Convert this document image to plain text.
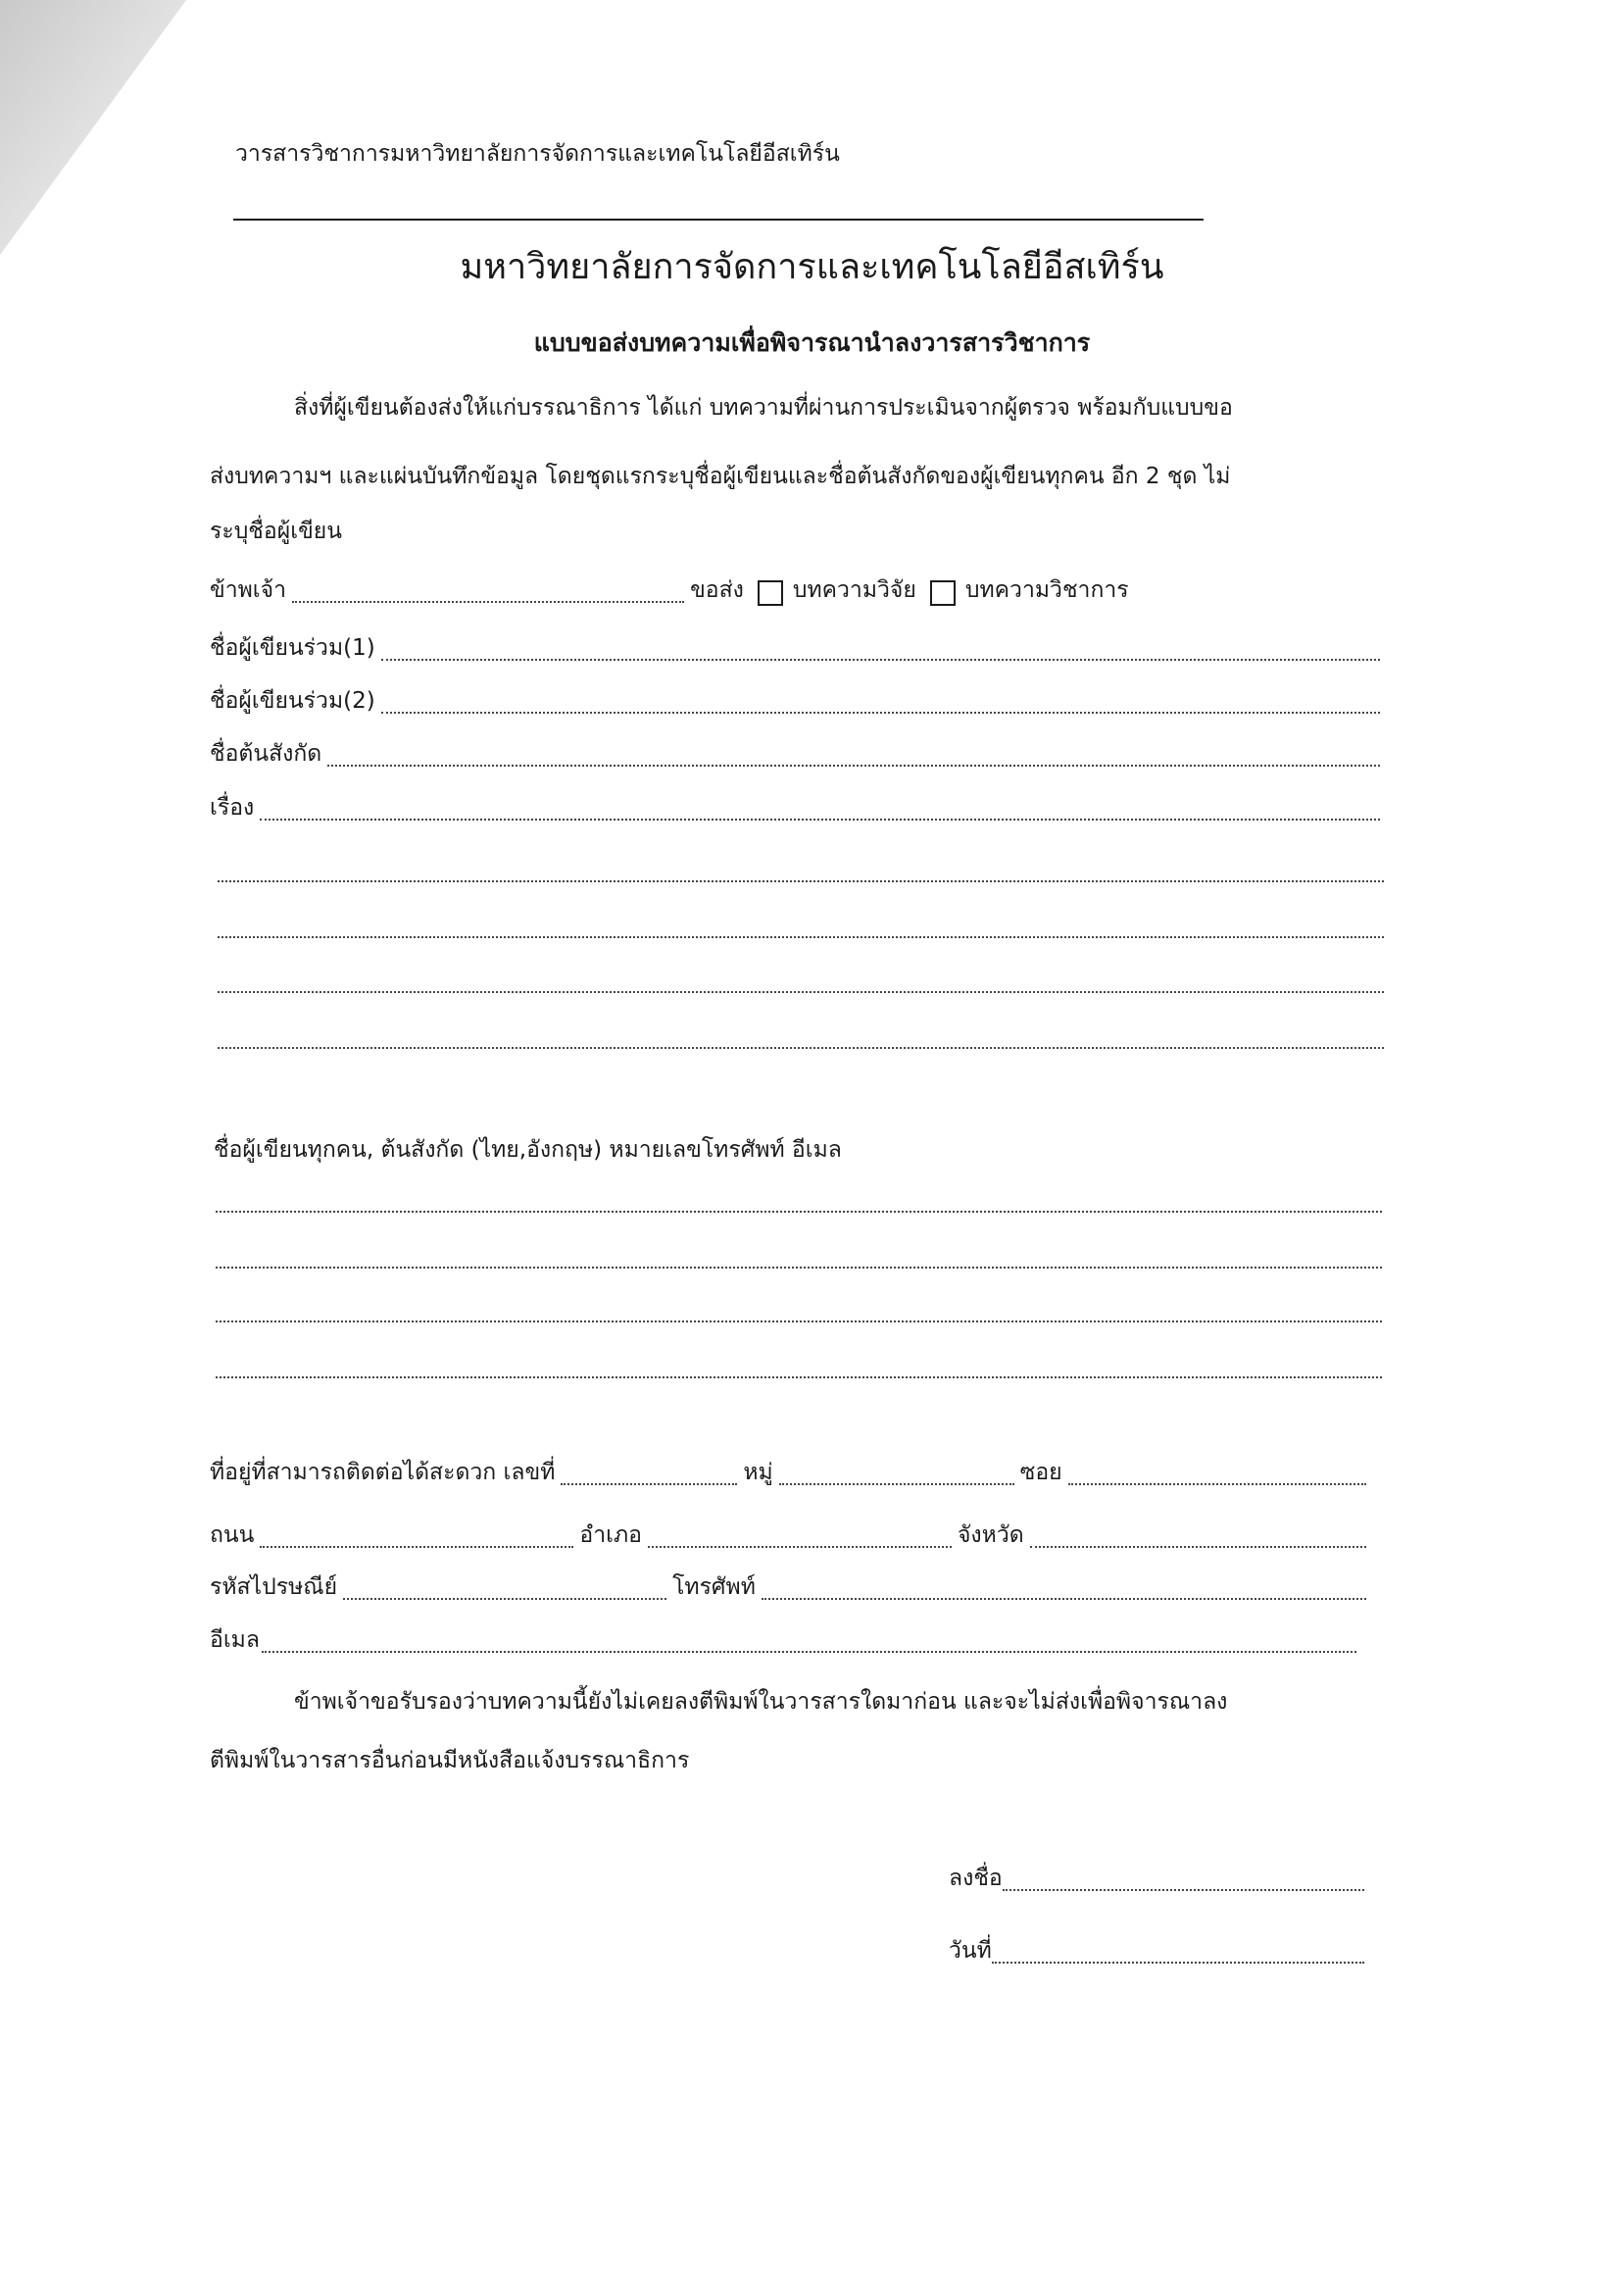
วารสารวิชาการมหาวิทยาลัยการจัดการและเทคโนโลยีอีสเทิร์น
มหาวิทยาลัยการจัดการและเทคโนโลยีอีสเทิร์น
แบบขอส่งบทความเพื่อพิจารณานำลงวารสารวิชาการ
สิ่งที่ผู้เขียนต้องส่งให้แก่บรรณาธิการ ได้แก่ บทความที่ผ่านการประเมินจากผู้ตรวจ พร้อมกับแบบขอ
ส่งบทความฯ และแผ่นบันทึกข้อมูล โดยชุดแรกระบุชื่อผู้เขียนและชื่อต้นสังกัดของผู้เขียนทุกคน อีก 2 ชุด ไม่
ระบุชื่อผู้เขียน
ข้าพเจ้า	ขอส่ง บทความวิจัย บทความวิชาการ
ชื่อผู้เขียนร่วม(1)
ชื่อผู้เขียนร่วม(2)
ชื่อต้นสังกัด
เรื่อง
ชื่อผู้เขียนทุกคน, ต้นสังกัด (ไทย,อังกฤษ) หมายเลขโทรศัพท์ อีเมล
ที่อยู่ที่สามารถติดต่อได้สะดวก เลขที่	หมู่	ซอย
ถนน	อำเภอ	จังหวัด
รหัสไปรษณีย์	โทรศัพท์
อีเมล
ข้าพเจ้าขอรับรองว่าบทความนี้ยังไม่เคยลงตีพิมพ์ในวารสารใดมาก่อน และจะไม่ส่งเพื่อพิจารณาลง
ตีพิมพ์ในวารสารอื่นก่อนมีหนังสือแจ้งบรรณาธิการ
ลงชื่อ
วันที่
